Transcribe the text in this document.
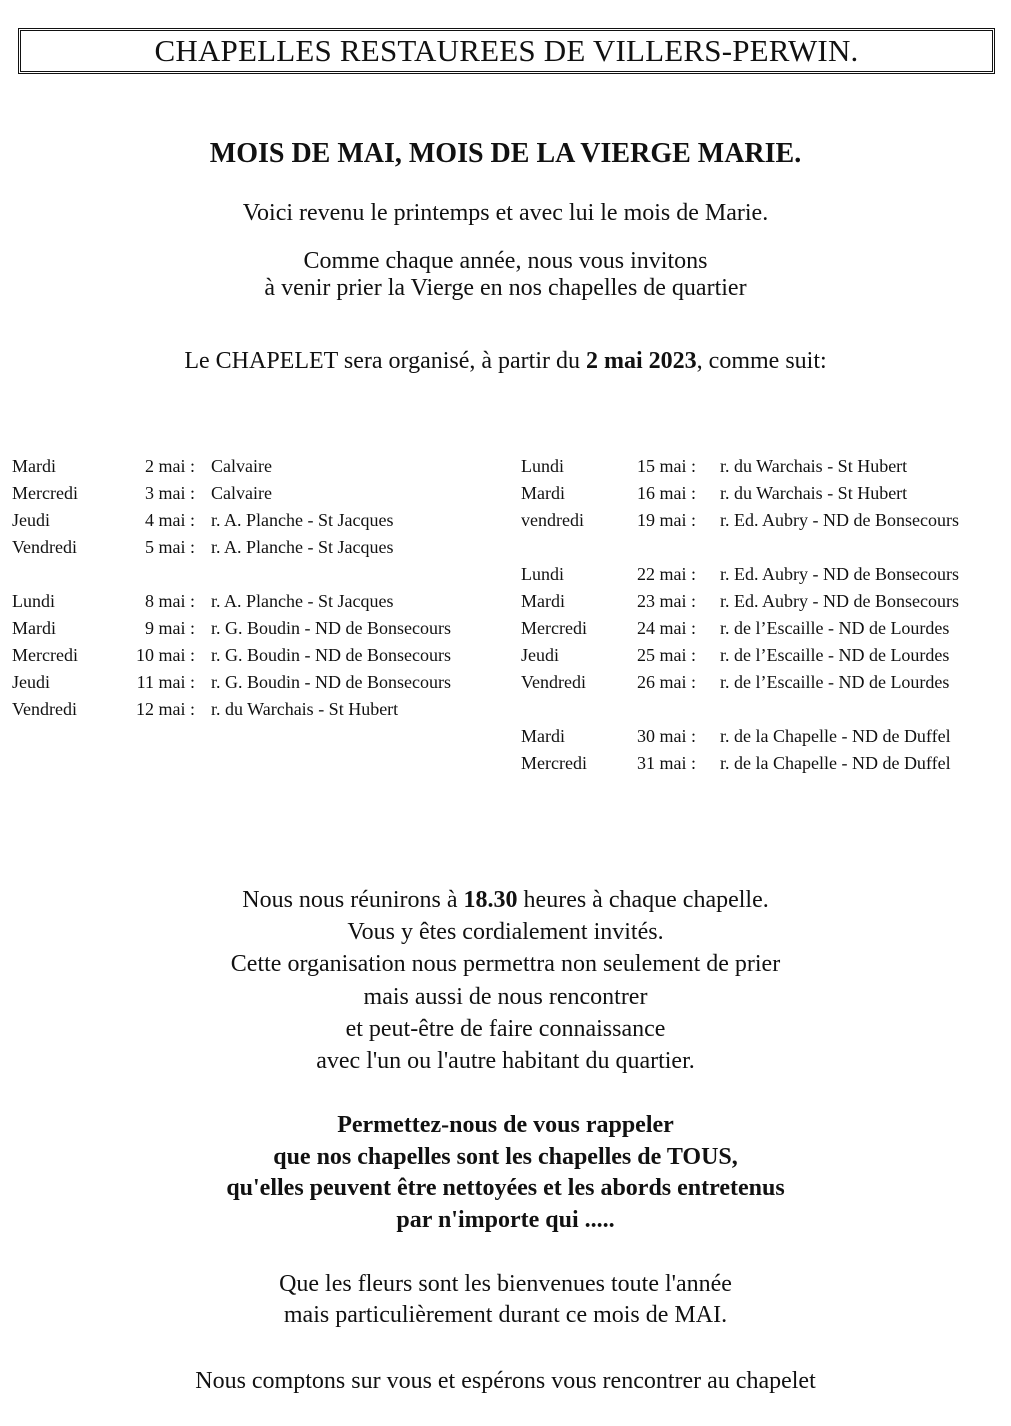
CHAPELLES RESTAUREES DE VILLERS-PERWIN.
MOIS DE MAI, MOIS DE LA VIERGE MARIE.
Voici revenu le printemps et avec lui le mois de Marie.
Comme chaque année, nous vous invitons
à venir prier la Vierge en nos chapelles de quartier
Le CHAPELET sera organisé, à partir du 2 mai 2023, comme suit:
Mardi	2 mai : Calvaire
Mercredi	3 mai : Calvaire
Jeudi	4 mai : r. A. Planche - St Jacques
Vendredi	5 mai : r. A. Planche - St Jacques
Lundi	8 mai : r. A. Planche - St Jacques
Mardi	9 mai : r. G. Boudin - ND de Bonsecours
Mercredi	10 mai : r. G. Boudin - ND de Bonsecours
Jeudi	11 mai : r. G. Boudin - ND de Bonsecours
Vendredi	12 mai : r. du Warchais - St Hubert
Lundi	15 mai : r. du Warchais - St Hubert
Mardi	16 mai : r. du Warchais - St Hubert
vendredi	19 mai : r. Ed. Aubry - ND de Bonsecours
Lundi	22 mai : r. Ed. Aubry - ND de Bonsecours
Mardi	23 mai : r. Ed. Aubry - ND de Bonsecours
Mercredi	24 mai : r. de l’Escaille - ND de Lourdes
Jeudi	25 mai : r. de l’Escaille - ND de Lourdes
Vendredi	26 mai : r. de l’Escaille - ND de Lourdes
Mardi	30 mai : r. de la Chapelle - ND de Duffel
Mercredi	31 mai : r. de la Chapelle - ND de Duffel
Nous nous réunirons à 18.30 heures à chaque chapelle.
Vous y êtes cordialement invités.
Cette organisation nous permettra non seulement de prier
mais aussi de nous rencontrer
et peut-être de faire connaissance
avec l'un ou l'autre habitant du quartier.
Permettez-nous de vous rappeler
que nos chapelles sont les chapelles de TOUS,
qu'elles peuvent être nettoyées et les abords entretenus
par n'importe qui .....
Que les fleurs sont les bienvenues toute l'année
mais particulièrement durant ce mois de MAI.
Nous comptons sur vous et espérons vous rencontrer au chapelet
